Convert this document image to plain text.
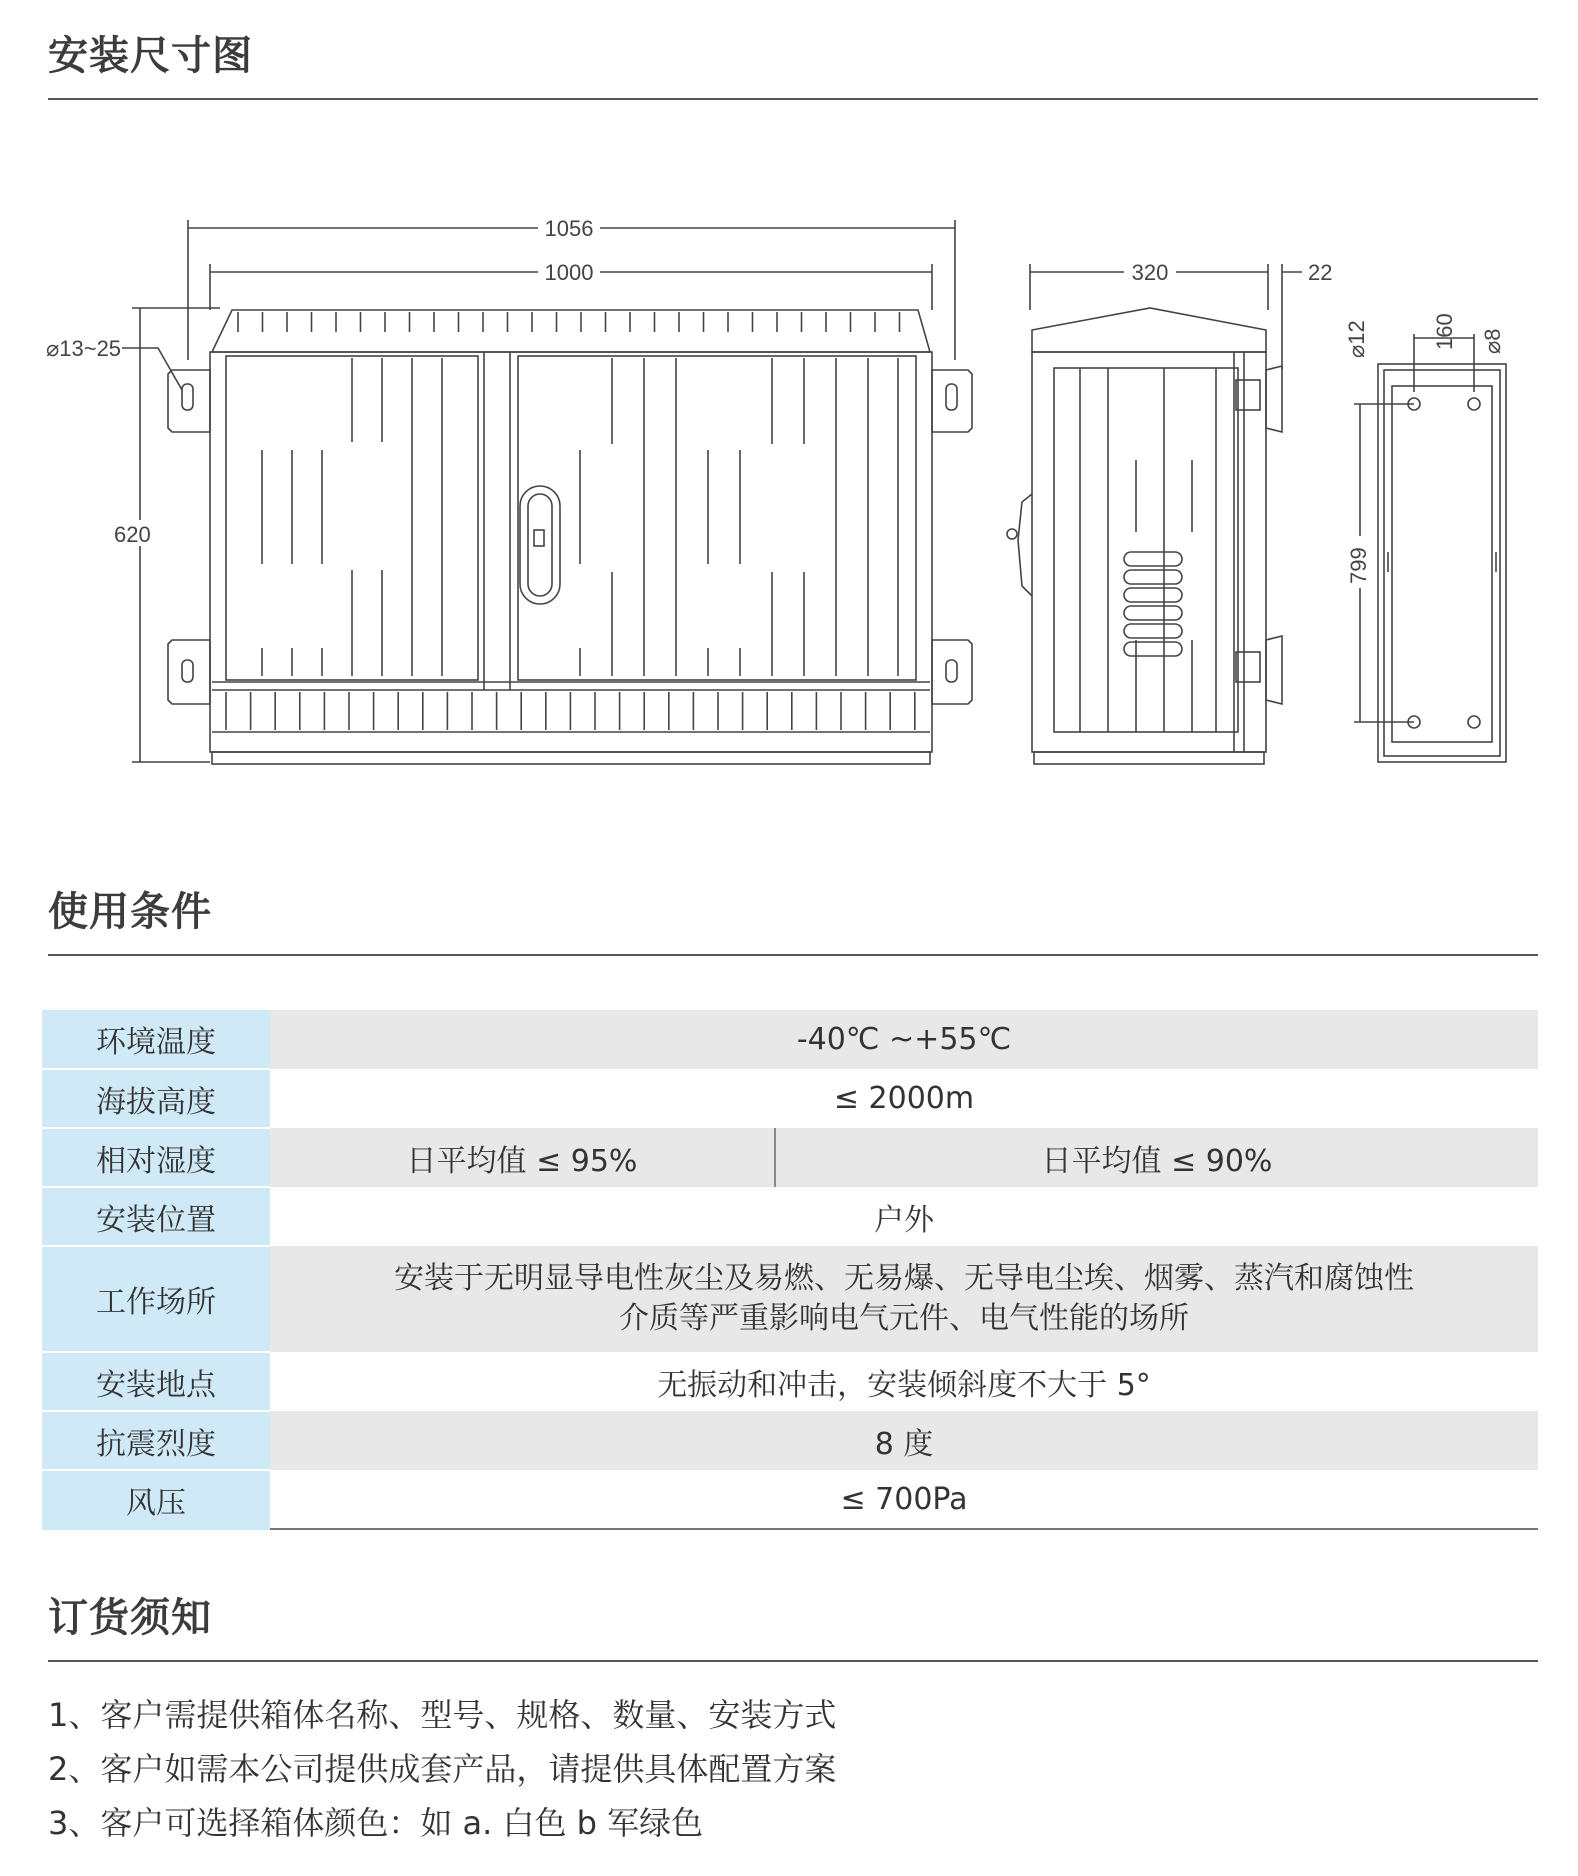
安装尺寸图
1056
1000
⌀13~25
620
320	22
⌀12	160 ⌀8
799
使用条件
环境温度	-40℃ ~+55℃	
海拔高度	≤ 2000m	
相对湿度	日平均值 ≤ 95%	日平均值 ≤ 90%
安装位置	户外	
工作场所	安装于无明显导电性灰尘及易燃、无易爆、无导电尘埃、烟雾、蒸汽和腐蚀性
介质等严重影响电气元件、电气性能的场所	

安装地点	无振动和冲击，安装倾斜度不大于 5°	
抗震烈度	8 度	
风压	≤ 700Pa	
订货须知
1、客户需提供箱体名称、型号、规格、数量、安装方式
2、客户如需本公司提供成套产品，请提供具体配置方案
3、客户可选择箱体颜色：如 a. 白色 b 军绿色
